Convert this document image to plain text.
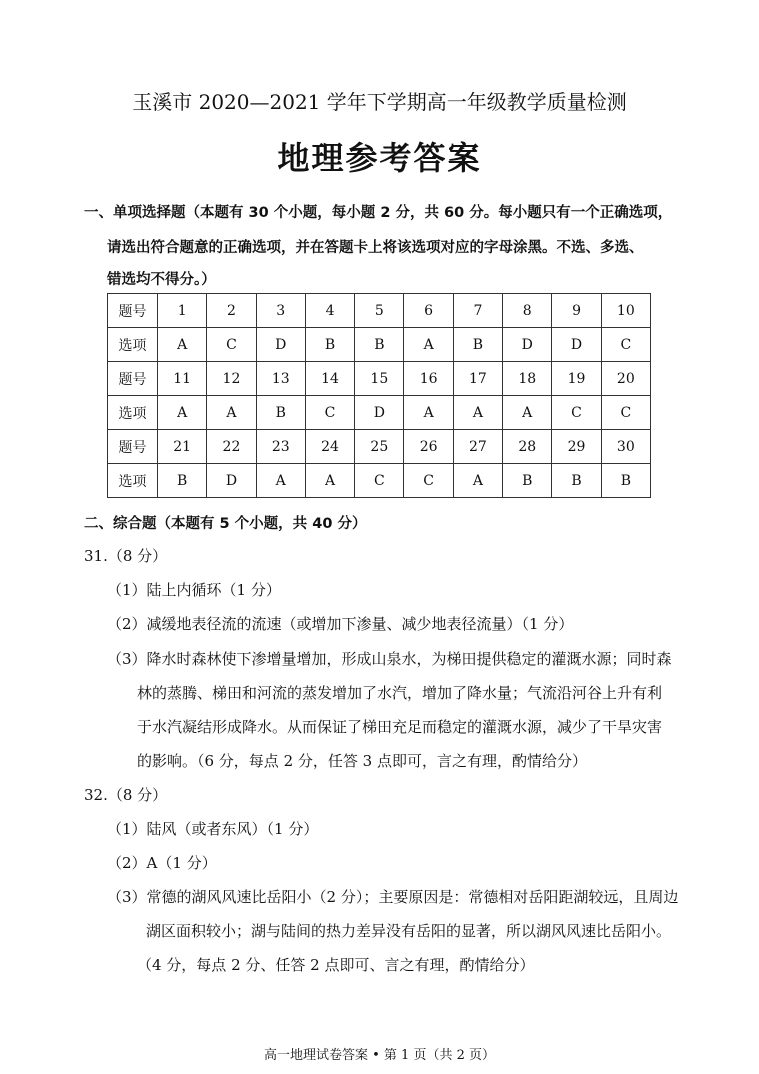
玉溪市 2020—2021 学年下学期高一年级教学质量检测
地理参考答案
一、单项选择题（本题有 30 个小题，每小题 2 分，共 60 分。每小题只有一个正确选项，
请选出符合题意的正确选项，并在答题卡上将该选项对应的字母涂黑。不选、多选、
错选均不得分。）
题号	1	2	3	4	5	6	7	8	9	10
选项	A	C	D	B	B	A	B	D	D	C
题号	11	12	13	14	15	16	17	18	19	20
选项	A	A	B	C	D	A	A	A	C	C
题号	21	22	23	24	25	26	27	28	29	30
选项	B	D	A	A	C	C	A	B	B	B
二、综合题（本题有 5 个小题，共 40 分）
31.（8 分）
（1）陆上内循环（1 分）
（2）减缓地表径流的流速（或增加下渗量、减少地表径流量）（1 分）
（3）降水时森林使下渗增量增加，形成山泉水，为梯田提供稳定的灌溉水源；同时森
林的蒸腾、梯田和河流的蒸发增加了水汽，增加了降水量；气流沿河谷上升有利
于水汽凝结形成降水。从而保证了梯田充足而稳定的灌溉水源，减少了干旱灾害
的影响。（6 分，每点 2 分，任答 3 点即可，言之有理，酌情给分）
32.（8 分）
（1）陆风（或者东风）（1 分）
（2）A（1 分）
（3）常德的湖风风速比岳阳小（2 分）；主要原因是：常德相对岳阳距湖较远，且周边
湖区面积较小；湖与陆间的热力差异没有岳阳的显著，所以湖风风速比岳阳小。
（4 分，每点 2 分、任答 2 点即可、言之有理，酌情给分）
高一地理试卷答案 • 第 1 页（共 2 页）
